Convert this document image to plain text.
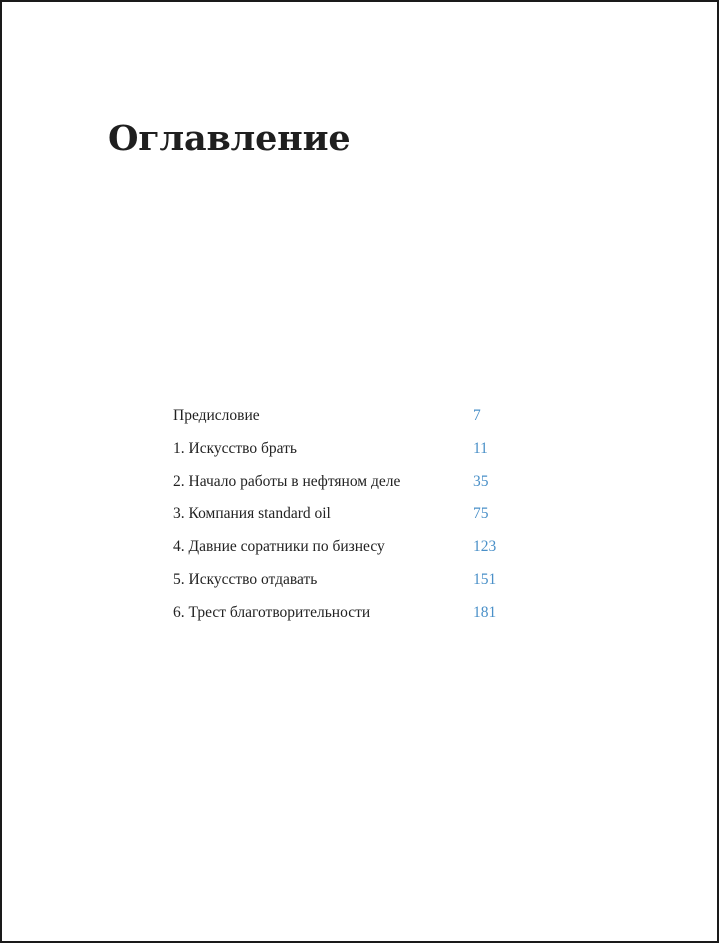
Оглавление
Предисловие	7
1. Искусство брать	11
2. Начало работы в нефтяном деле	35
3. Компания standard oil	75
4. Давние соратники по бизнесу	123
5. Искусство отдавать	151
6. Трест благотворительности	181
